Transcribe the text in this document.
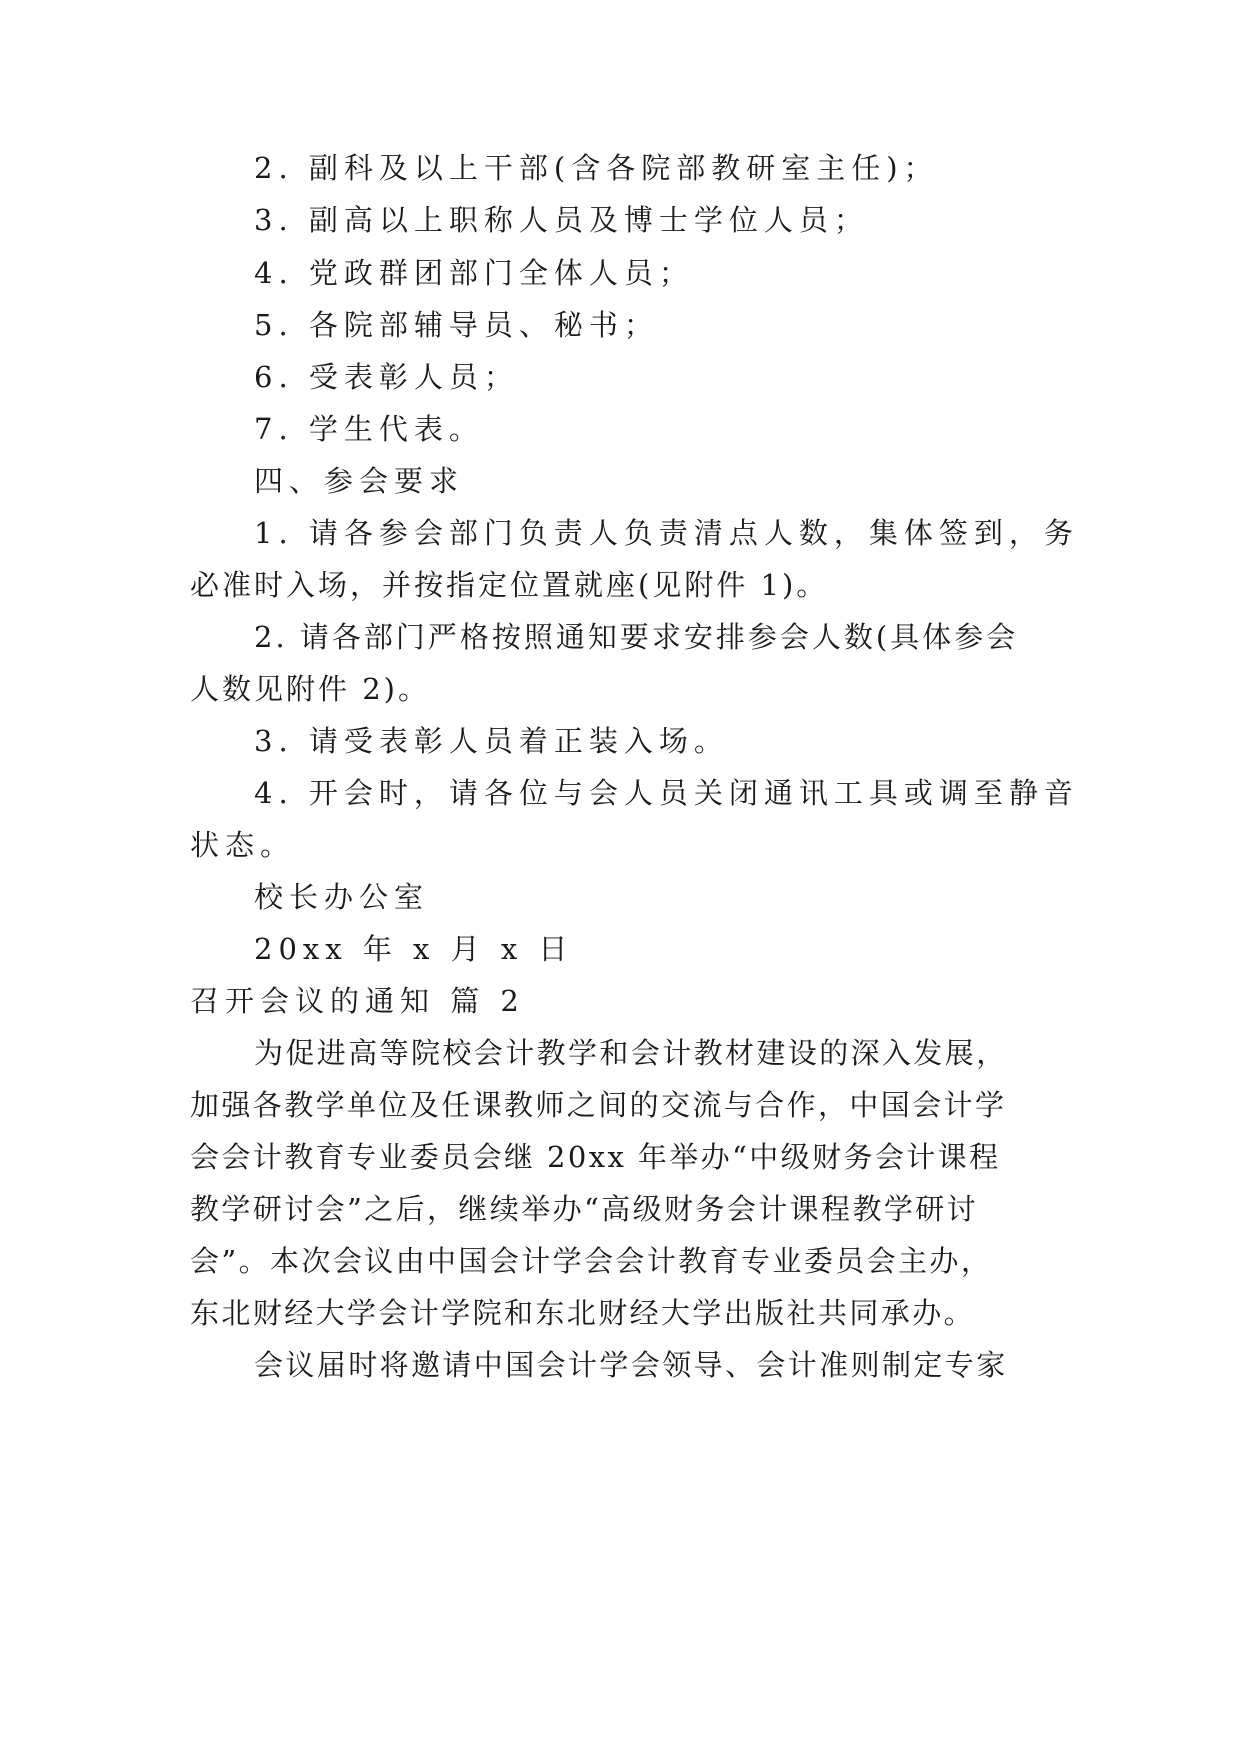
2. 副科及以上干部(含各院部教研室主任)；
3. 副高以上职称人员及博士学位人员；
4. 党政群团部门全体人员；
5. 各院部辅导员、秘书；
6. 受表彰人员；
7. 学生代表。
四、参会要求
1. 请各参会部门负责人负责清点人数，集体签到，务
必准时入场，并按指定位置就座(见附件 1)。
2. 请各部门严格按照通知要求安排参会人数(具体参会
人数见附件 2)。
3. 请受表彰人员着正装入场。
4. 开会时，请各位与会人员关闭通讯工具或调至静音
状态。
校长办公室
20xx 年 x 月 x 日
召开会议的通知 篇 2
为促进高等院校会计教学和会计教材建设的深入发展，
加强各教学单位及任课教师之间的交流与合作，中国会计学
会会计教育专业委员会继 20xx 年举办“中级财务会计课程
教学研讨会”之后，继续举办“高级财务会计课程教学研讨
会”。本次会议由中国会计学会会计教育专业委员会主办，
东北财经大学会计学院和东北财经大学出版社共同承办。
会议届时将邀请中国会计学会领导、会计准则制定专家
